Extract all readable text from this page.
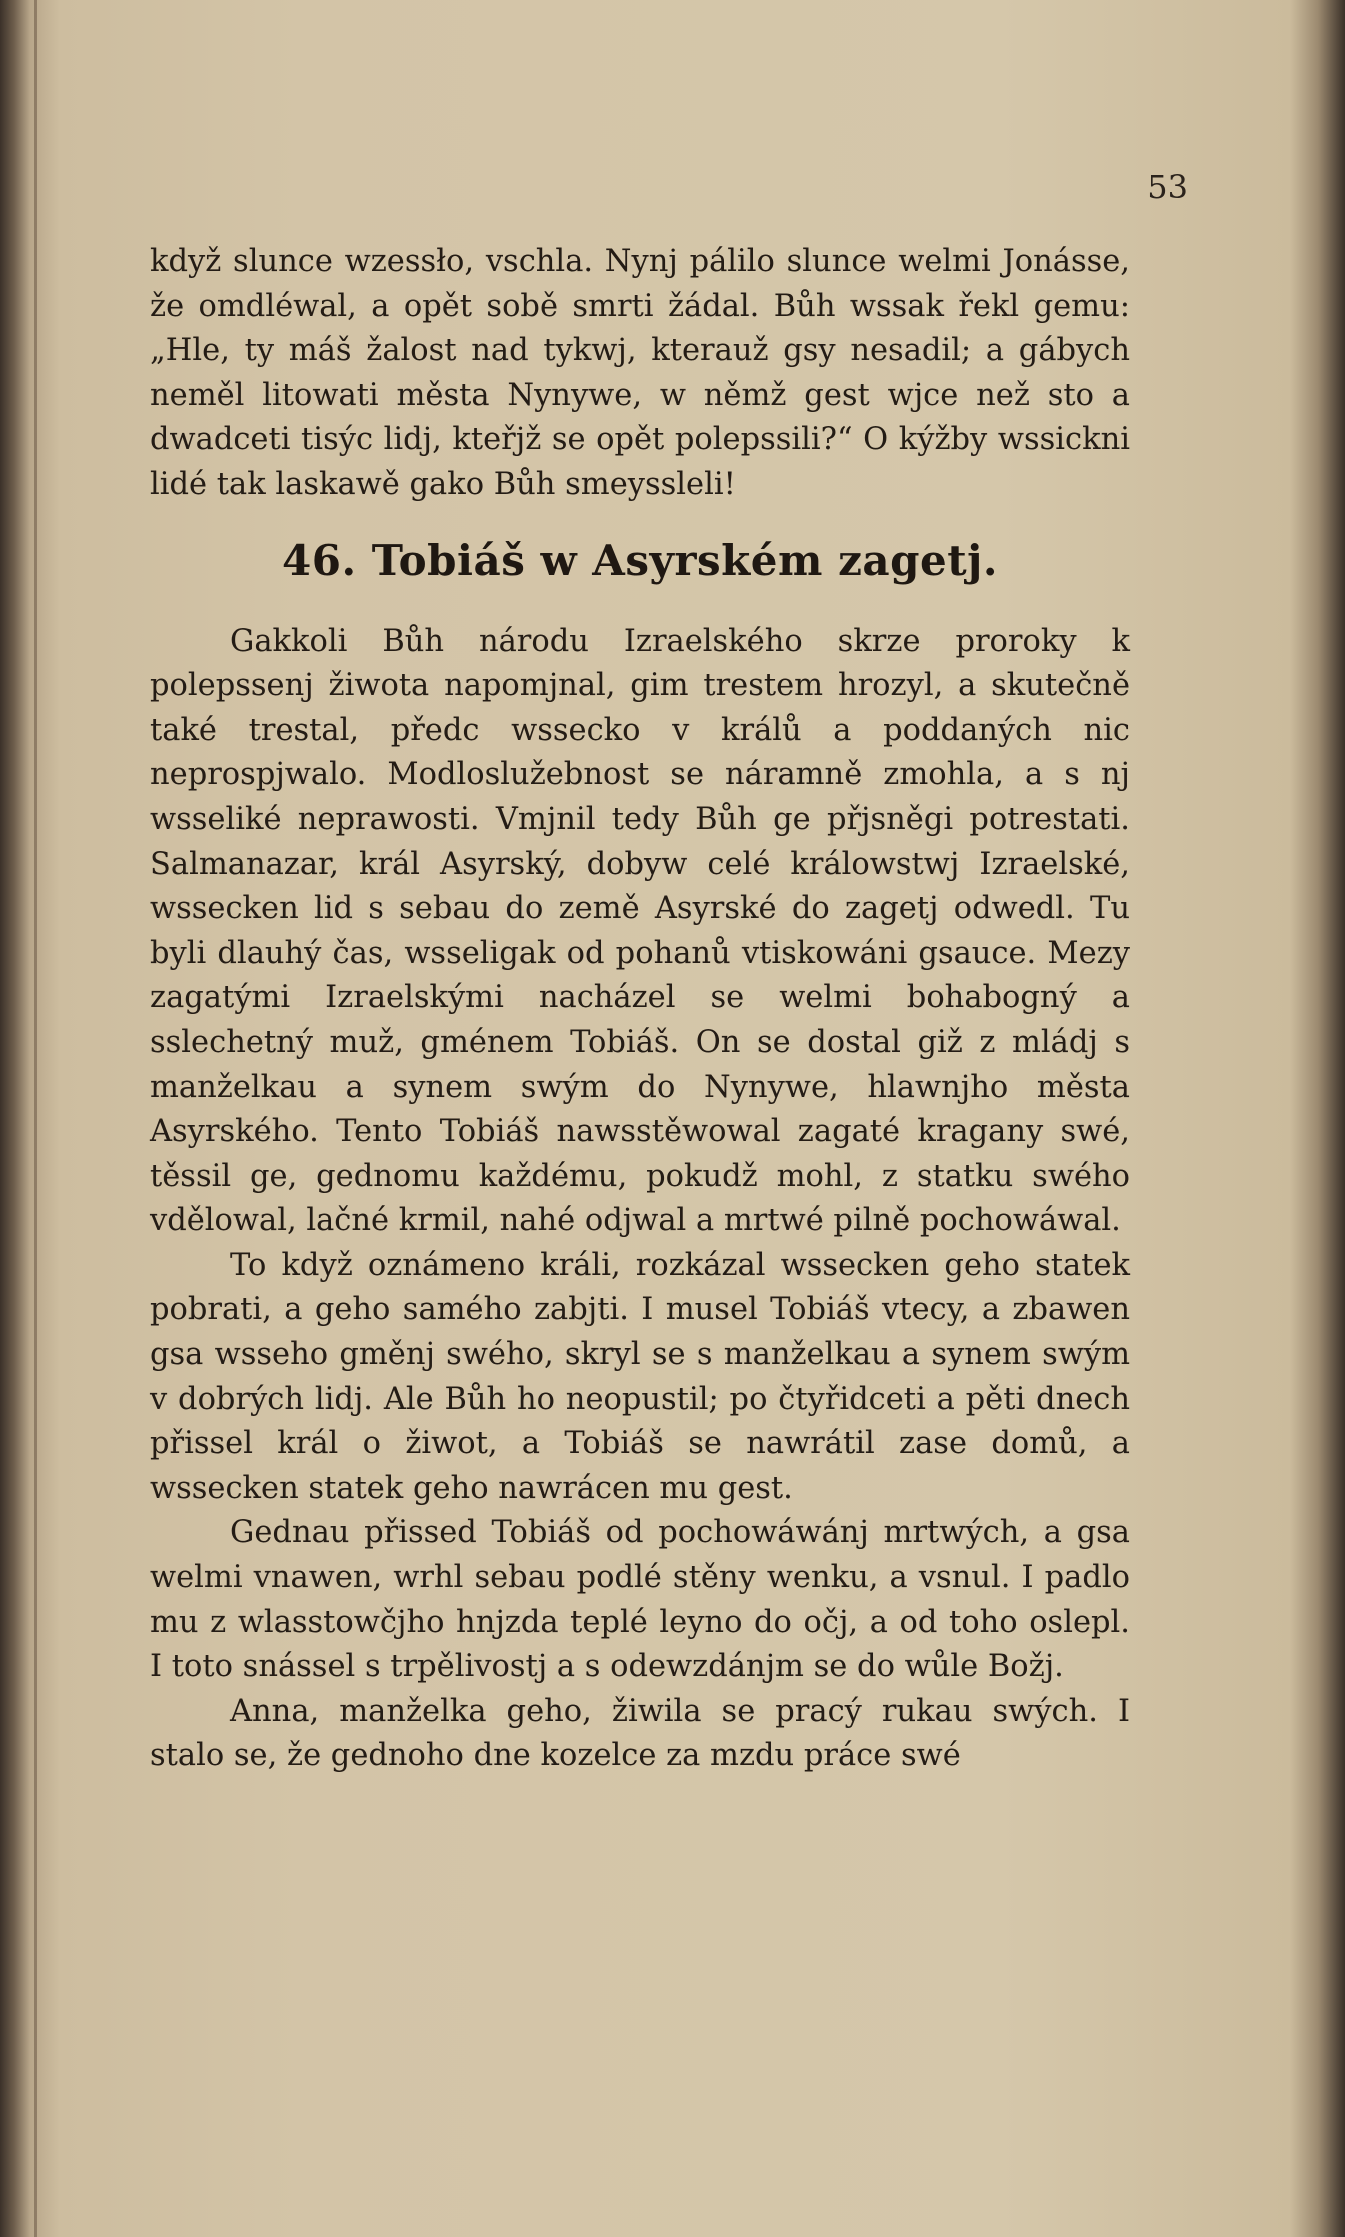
53

když slunce wzessło, vschla. Nynj pálilo slunce welmi Jonásse, že omdléwal, a opět sobě smrti žádal. Bůh wssak řekl gemu: „Hle, ty máš žalost nad tykwj, kterauž gsy nesadil; a gábych neměl litowati města Nynywe, w němž gest wjce než sto a dwadceti tisýc lidj, kteřjž se opět polepssili?“ O kýžby wssickni lidé tak laskawě gako Bůh smeyssleli!

46. Tobiáš w Asyrském zagetj.

Gakkoli Bůh národu Izraelského skrze proroky k polepssenj žiwota napomjnal, gim trestem hrozyl, a skutečně také trestal, předc wssecko v králů a poddaných nic neprospjwalo. Modloslužebnost se náramně zmohla, a s nj wsseliké neprawosti. Vmjnil tedy Bůh ge přjsněgi potrestati. Salmanazar, král Asyrský, dobyw celé králowstwj Izraelské, wssecken lid s sebau do země Asyrské do zagetj odwedl. Tu byli dlauhý čas, wsseligak od pohanů vtiskowáni gsauce. Mezy zagatými Izraelskými nacházel se welmi bohabogný a sslechetný muž, gménem Tobiáš. On se dostal giž z mládj s manželkau a synem swým do Nynywe, hlawnjho města Asyrského. Tento Tobiáš nawsstěwowal zagaté kragany swé, těssil ge, gednomu každému, pokudž mohl, z statku swého vdělowal, lačné krmil, nahé odjwal a mrtwé pilně pochowáwal.

To když oznámeno králi, rozkázal wssecken geho statek pobrati, a geho samého zabjti. I musel Tobiáš vtecy, a zbawen gsa wsseho gměnj swého, skryl se s manželkau a synem swým v dobrých lidj. Ale Bůh ho neopustil; po čtyřidceti a pěti dnech přissel král o žiwot, a Tobiáš se nawrátil zase domů, a wssecken statek geho nawrácen mu gest.

Gednau přissed Tobiáš od pochowáwánj mrtwých, a gsa welmi vnawen, wrhl sebau podlé stěny wenku, a vsnul. I padlo mu z wlasstowčjho hnjzda teplé leyno do očj, a od toho oslepl. I toto snássel s trpělivostj a s odewzdánjm se do wůle Božj.

Anna, manželka geho, žiwila se pracý rukau swých. I stalo se, že gednoho dne kozelce za mzdu práce swé
